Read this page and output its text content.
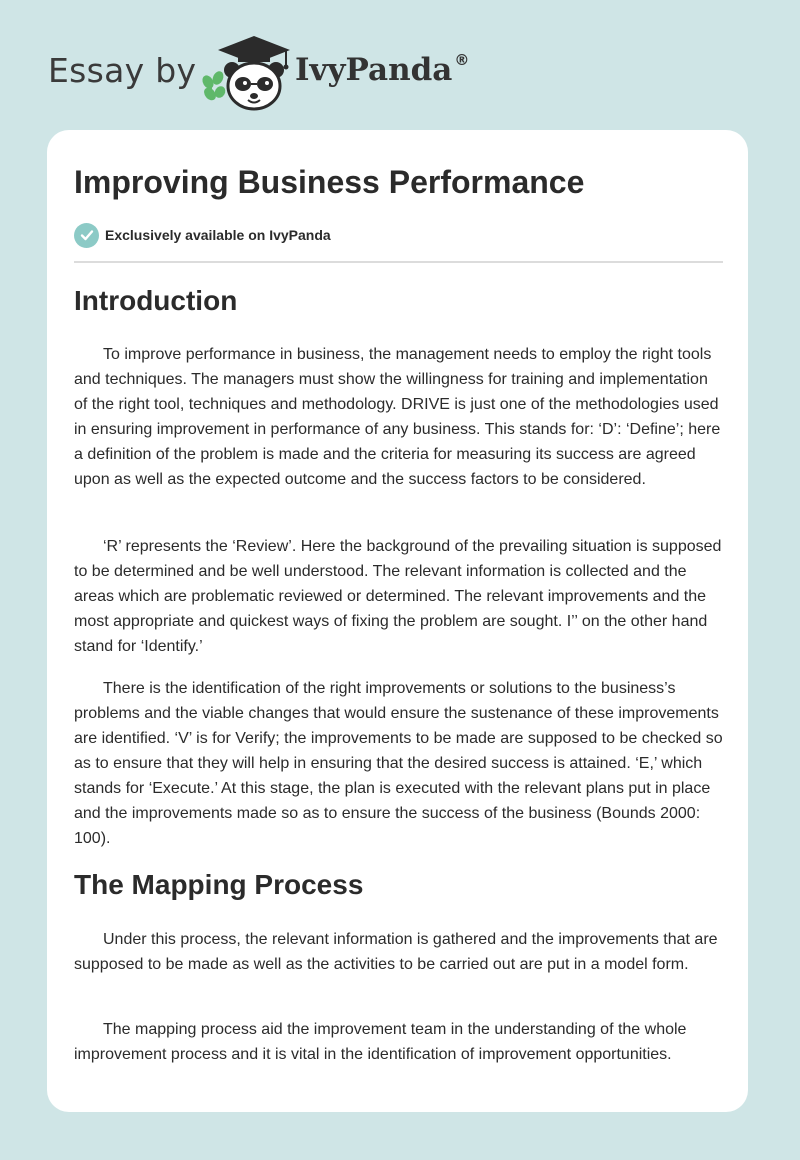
Essay by	IvyPanda ®
Improving Business Performance
Exclusively available on IvyPanda
Introduction

To improve performance in business, the management needs to employ the right tools and techniques. The managers must show the willingness for training and implementation of the right tool, techniques and methodology. DRIVE is just one of the methodologies used in ensuring improvement in performance of any business. This stands for: ‘D’: ‘Define’; here a definition of the problem is made and the criteria for measuring its success are agreed upon as well as the expected outcome and the success factors to be considered.

‘R’ represents the ‘Review’. Here the background of the prevailing situation is supposed to be determined and be well understood. The relevant information is collected and the areas which are problematic reviewed or determined. The relevant improvements and the most appropriate and quickest ways of fixing the problem are sought. I’’ on the other hand stand for ‘Identify.’

There is the identification of the right improvements or solutions to the business’s problems and the viable changes that would ensure the sustenance of these improvements are identified. ‘V’ is for Verify; the improvements to be made are supposed to be checked so as to ensure that they will help in ensuring that the desired success is attained. ‘E,’ which stands for ‘Execute.’ At this stage, the plan is executed with the relevant plans put in place and the improvements made so as to ensure the success of the business (Bounds 2000: 100).

The Mapping Process

Under this process, the relevant information is gathered and the improvements that are supposed to be made as well as the activities to be carried out are put in a model form.

The mapping process aid the improvement team in the understanding of the whole improvement process and it is vital in the identification of improvement opportunities.
